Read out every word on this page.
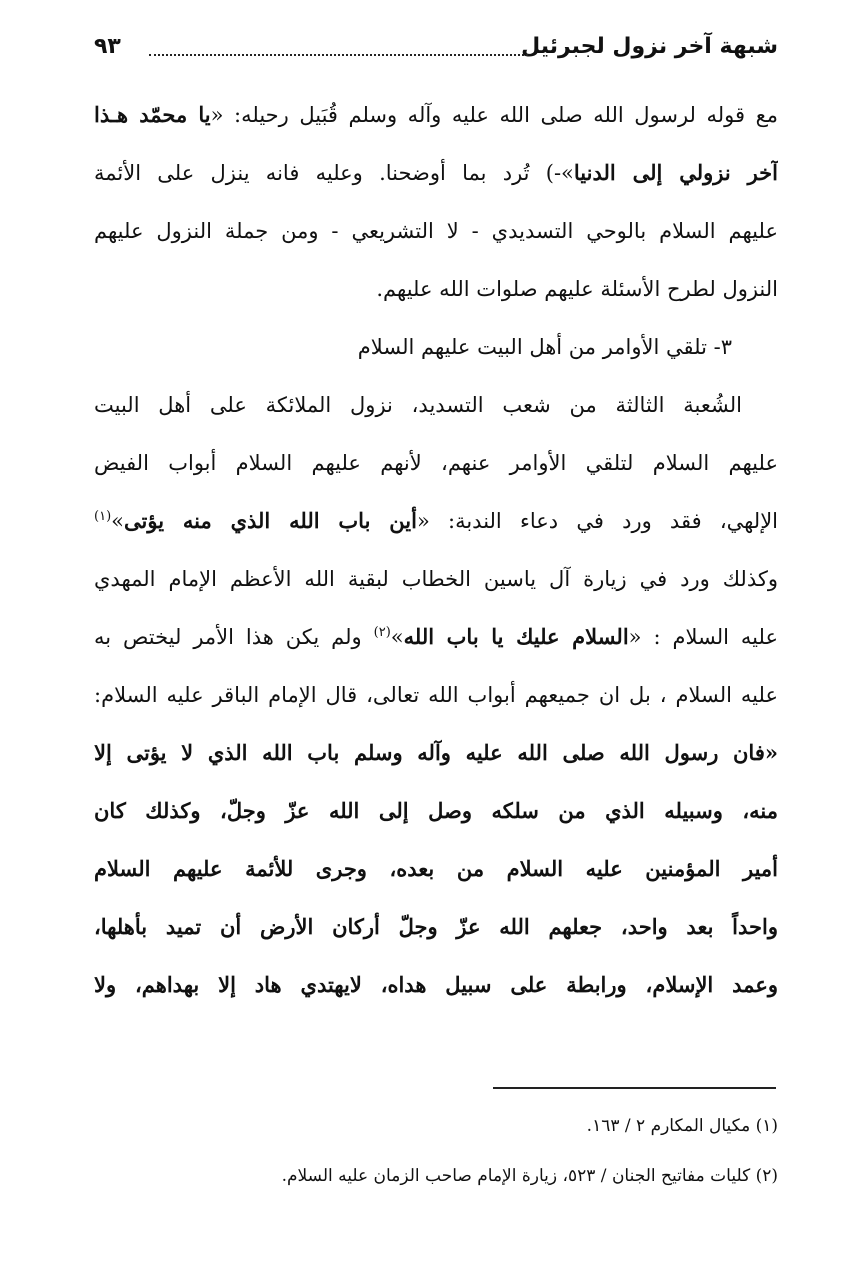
شبهة آخر نزول لجبرئيل
٩٣
مع قوله لرسول الله صلى الله عليه وآله وسلم قُبَيل رحيله: «يا محمّد هـذا
آخر نزولي إلى الدنيا»-) تُرد بما أوضحنا. وعليه فانه ينزل على الأئمة
عليهم السلام بالوحي التسديدي - لا التشريعي - ومن جملة النزول عليهم
النزول لطرح الأسئلة عليهم صلوات الله عليهم.
٣- تلقي الأوامر من أهل البيت عليهم السلام
الشُعبة الثالثة من شعب التسديد، نزول الملائكة على أهل البيت
عليهم السلام لتلقي الأوامر عنهم، لأنهم عليهم السلام أبواب الفيض
الإلهي، فقد ورد في دعاء الندبة: «أين باب الله الذي منه يؤتى»$^{(١)}$
وكذلك ورد في زيارة آل ياسين الخطاب لبقية الله الأعظم الإمام المهدي
عليه السلام : «السلام عليك يا باب الله»$^{(٢)}$ ولم يكن هذا الأمر ليختص به
عليه السلام ، بل ان جميعهم أبواب الله تعالى، قال الإمام الباقر عليه السلام:
«فان رسول الله صلى الله عليه وآله وسلم باب الله الذي لا يؤتى إلا
منه، وسبيله الذي من سلكه وصل إلى الله عزّ وجلّ، وكذلك كان
أمير المؤمنين عليه السلام من بعده، وجرى للأئمة عليهم السلام
واحداً بعد واحد، جعلهم الله عزّ وجلّ أركان الأرض أن تميد بأهلها،
وعمد الإسلام، ورابطة على سبيل هداه، لايهتدي هاد إلا بهداهم، ولا
(١) مكيال المكارم ٢ / ١٦٣.
(٢) كليات مفاتيح الجنان / ٥٢٣، زيارة الإمام صاحب الزمان عليه السلام.
